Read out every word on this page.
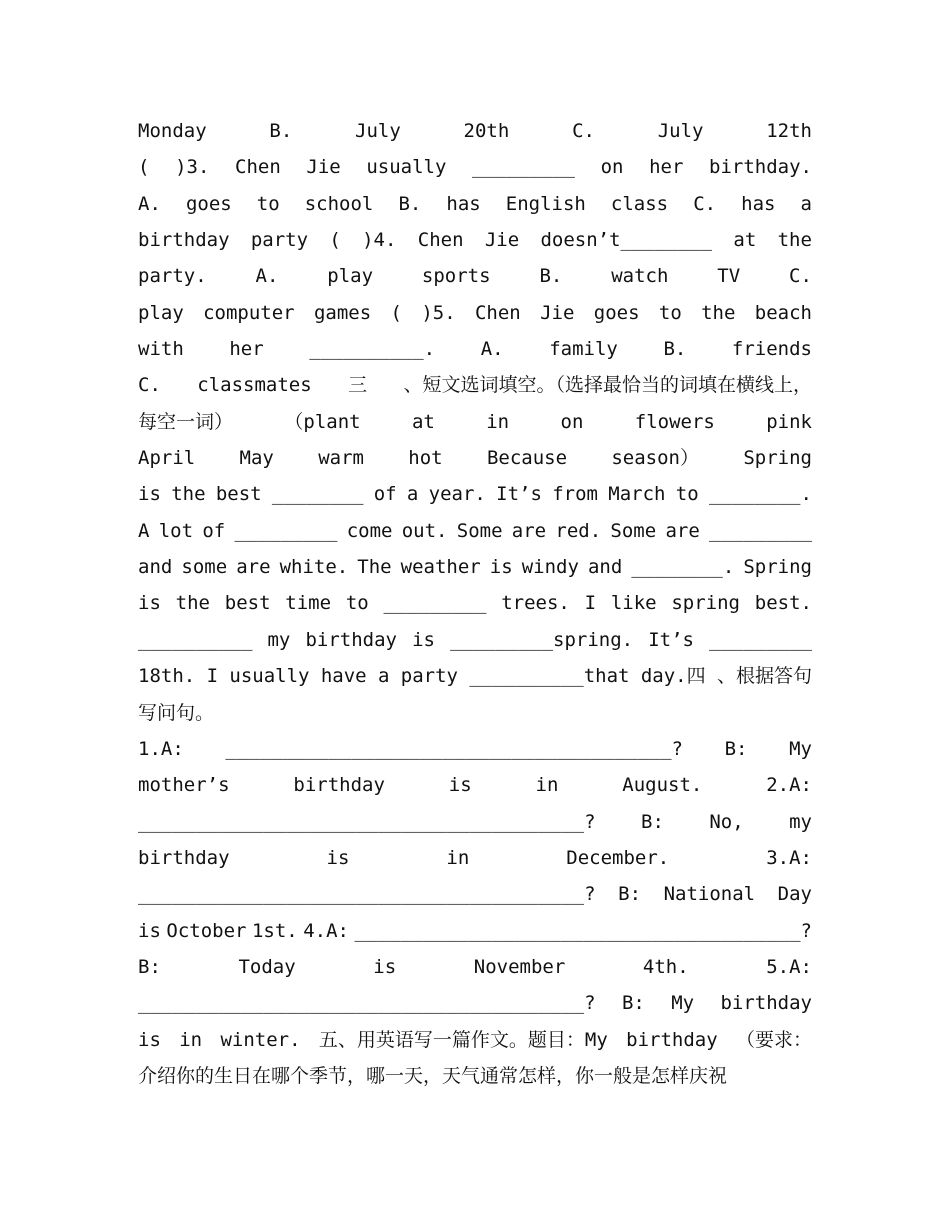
Monday	B.	July	20th	C.	July	12th
( )3. Chen Jie usually _________ on her birthday.
A. goes to school B. has English class C. has a
birthday party ( )4. Chen Jie doesn’t________ at the
party.	A.	play	sports	B.	watch	TV	C.
play computer games ( )5. Chen Jie goes to the beach
with her __________. A. family B. friends
C. classmates 三 、短文选词填空。（选择最恰当的词填在横线上，
每空一词）	（plant	at	in	on	flowers	pink
April May warm hot Because season） Spring
is the best ________ of a year. It’s from March to ________.
A lot of _________ come out. Some are red. Some are _________
and some are white. The weather is windy and ________. Spring
is the best time to _________ trees. I like spring best.
__________ my birthday is _________spring. It’s _________
18th. I usually have a party __________that day.四 、根据答句
写问句。
1.A: _______________________________________? B: My
mother’s	birthday	is	in	August.	2.A:
_______________________________________? B: No, my
birthday	is	in	December.	3.A:
_______________________________________? B: National Day
is October 1st. 4.A: _______________________________________?
B:	Today	is	November	4th.	5.A:
_______________________________________? B: My birthday
is in winter. 五、用英语写一篇作文。题目：My birthday （要求：
介绍你的生日在哪个季节，哪一天，天气通常怎样，你一般是怎样庆祝
